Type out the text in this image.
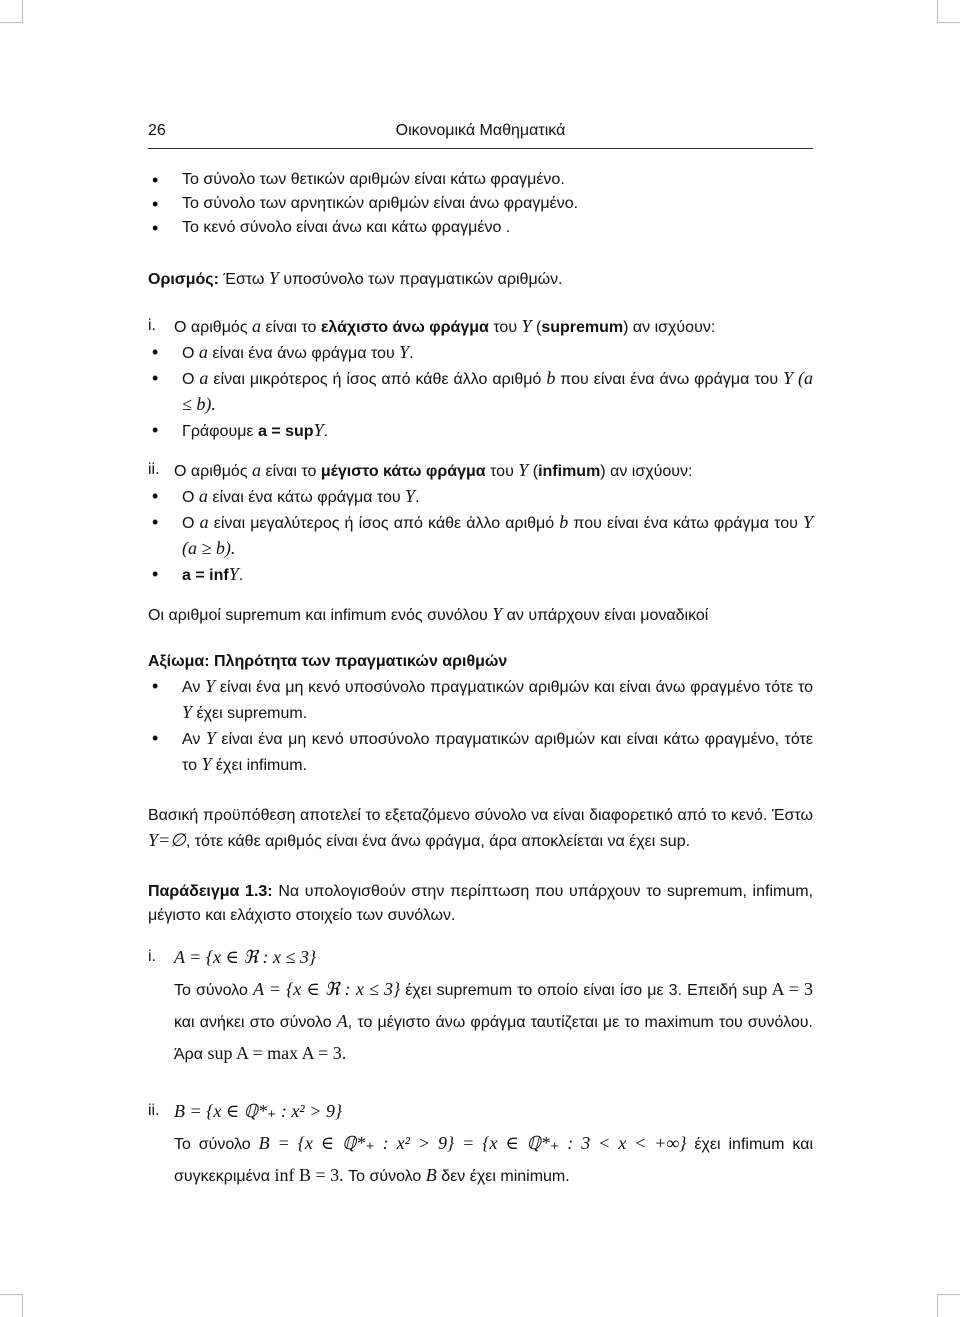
26	Οικονομικά Μαθηματικά
• Το σύνολο των θετικών αριθμών είναι κάτω φραγμένο.
• Το σύνολο των αρνητικών αριθμών είναι άνω φραγμένο.
• Το κενό σύνολο είναι άνω και κάτω φραγμένο .

Ορισμός: Έστω Y υποσύνολο των πραγματικών αριθμών.

i. Ο αριθμός a είναι το ελάχιστο άνω φράγμα του Y (supremum) αν ισχύουν:
• Ο a είναι ένα άνω φράγμα του Y.
• Ο a είναι μικρότερος ή ίσος από κάθε άλλο αριθμό b που είναι ένα άνω φράγμα του Y (a ≤ b).
• Γράφουμε a = supY.
ii. Ο αριθμός a είναι το μέγιστο κάτω φράγμα του Y (infimum) αν ισχύουν:
• Ο a είναι ένα κάτω φράγμα του Y.
• Ο a είναι μεγαλύτερος ή ίσος από κάθε άλλο αριθμό b που είναι ένα κάτω φράγμα του Y (a ≥ b).
• a = infY.

Οι αριθμοί supremum και infimum ενός συνόλου Y αν υπάρχουν είναι μοναδικοί

Αξίωμα: Πληρότητα των πραγματικών αριθμών

• Αν Y είναι ένα μη κενό υποσύνολο πραγματικών αριθμών και είναι άνω φραγμένο τότε το Y έχει supremum.
• Αν Y είναι ένα μη κενό υποσύνολο πραγματικών αριθμών και είναι κάτω φραγμένο, τότε το Y έχει infimum.

Βασική προϋπόθεση αποτελεί το εξεταζόμενο σύνολο να είναι διαφορετικό από το κενό. Έστω Y=∅, τότε κάθε αριθμός είναι ένα άνω φράγμα, άρα αποκλείεται να έχει sup.

Παράδειγμα 1.3: Να υπολογισθούν στην περίπτωση που υπάρχουν το supremum, infimum, μέγιστο και ελάχιστο στοιχείο των συνόλων.

i. A = {x ∈ ℜ : x ≤ 3}
Το σύνολο A = {x ∈ ℜ : x ≤ 3} έχει supremum το οποίο είναι ίσο με 3. Επειδή sup A = 3 και ανήκει στο σύνολο A, το μέγιστο άνω φράγμα ταυτίζεται με το maximum του συνόλου. Άρα sup A = max A = 3.
ii. B = {x ∈ ℚ*₊ : x² > 9}
Το σύνολο B = {x ∈ ℚ*₊ : x² > 9} = {x ∈ ℚ*₊ : 3 < x < +∞} έχει infimum και συγκεκριμένα inf B = 3. Το σύνολο B δεν έχει minimum.
